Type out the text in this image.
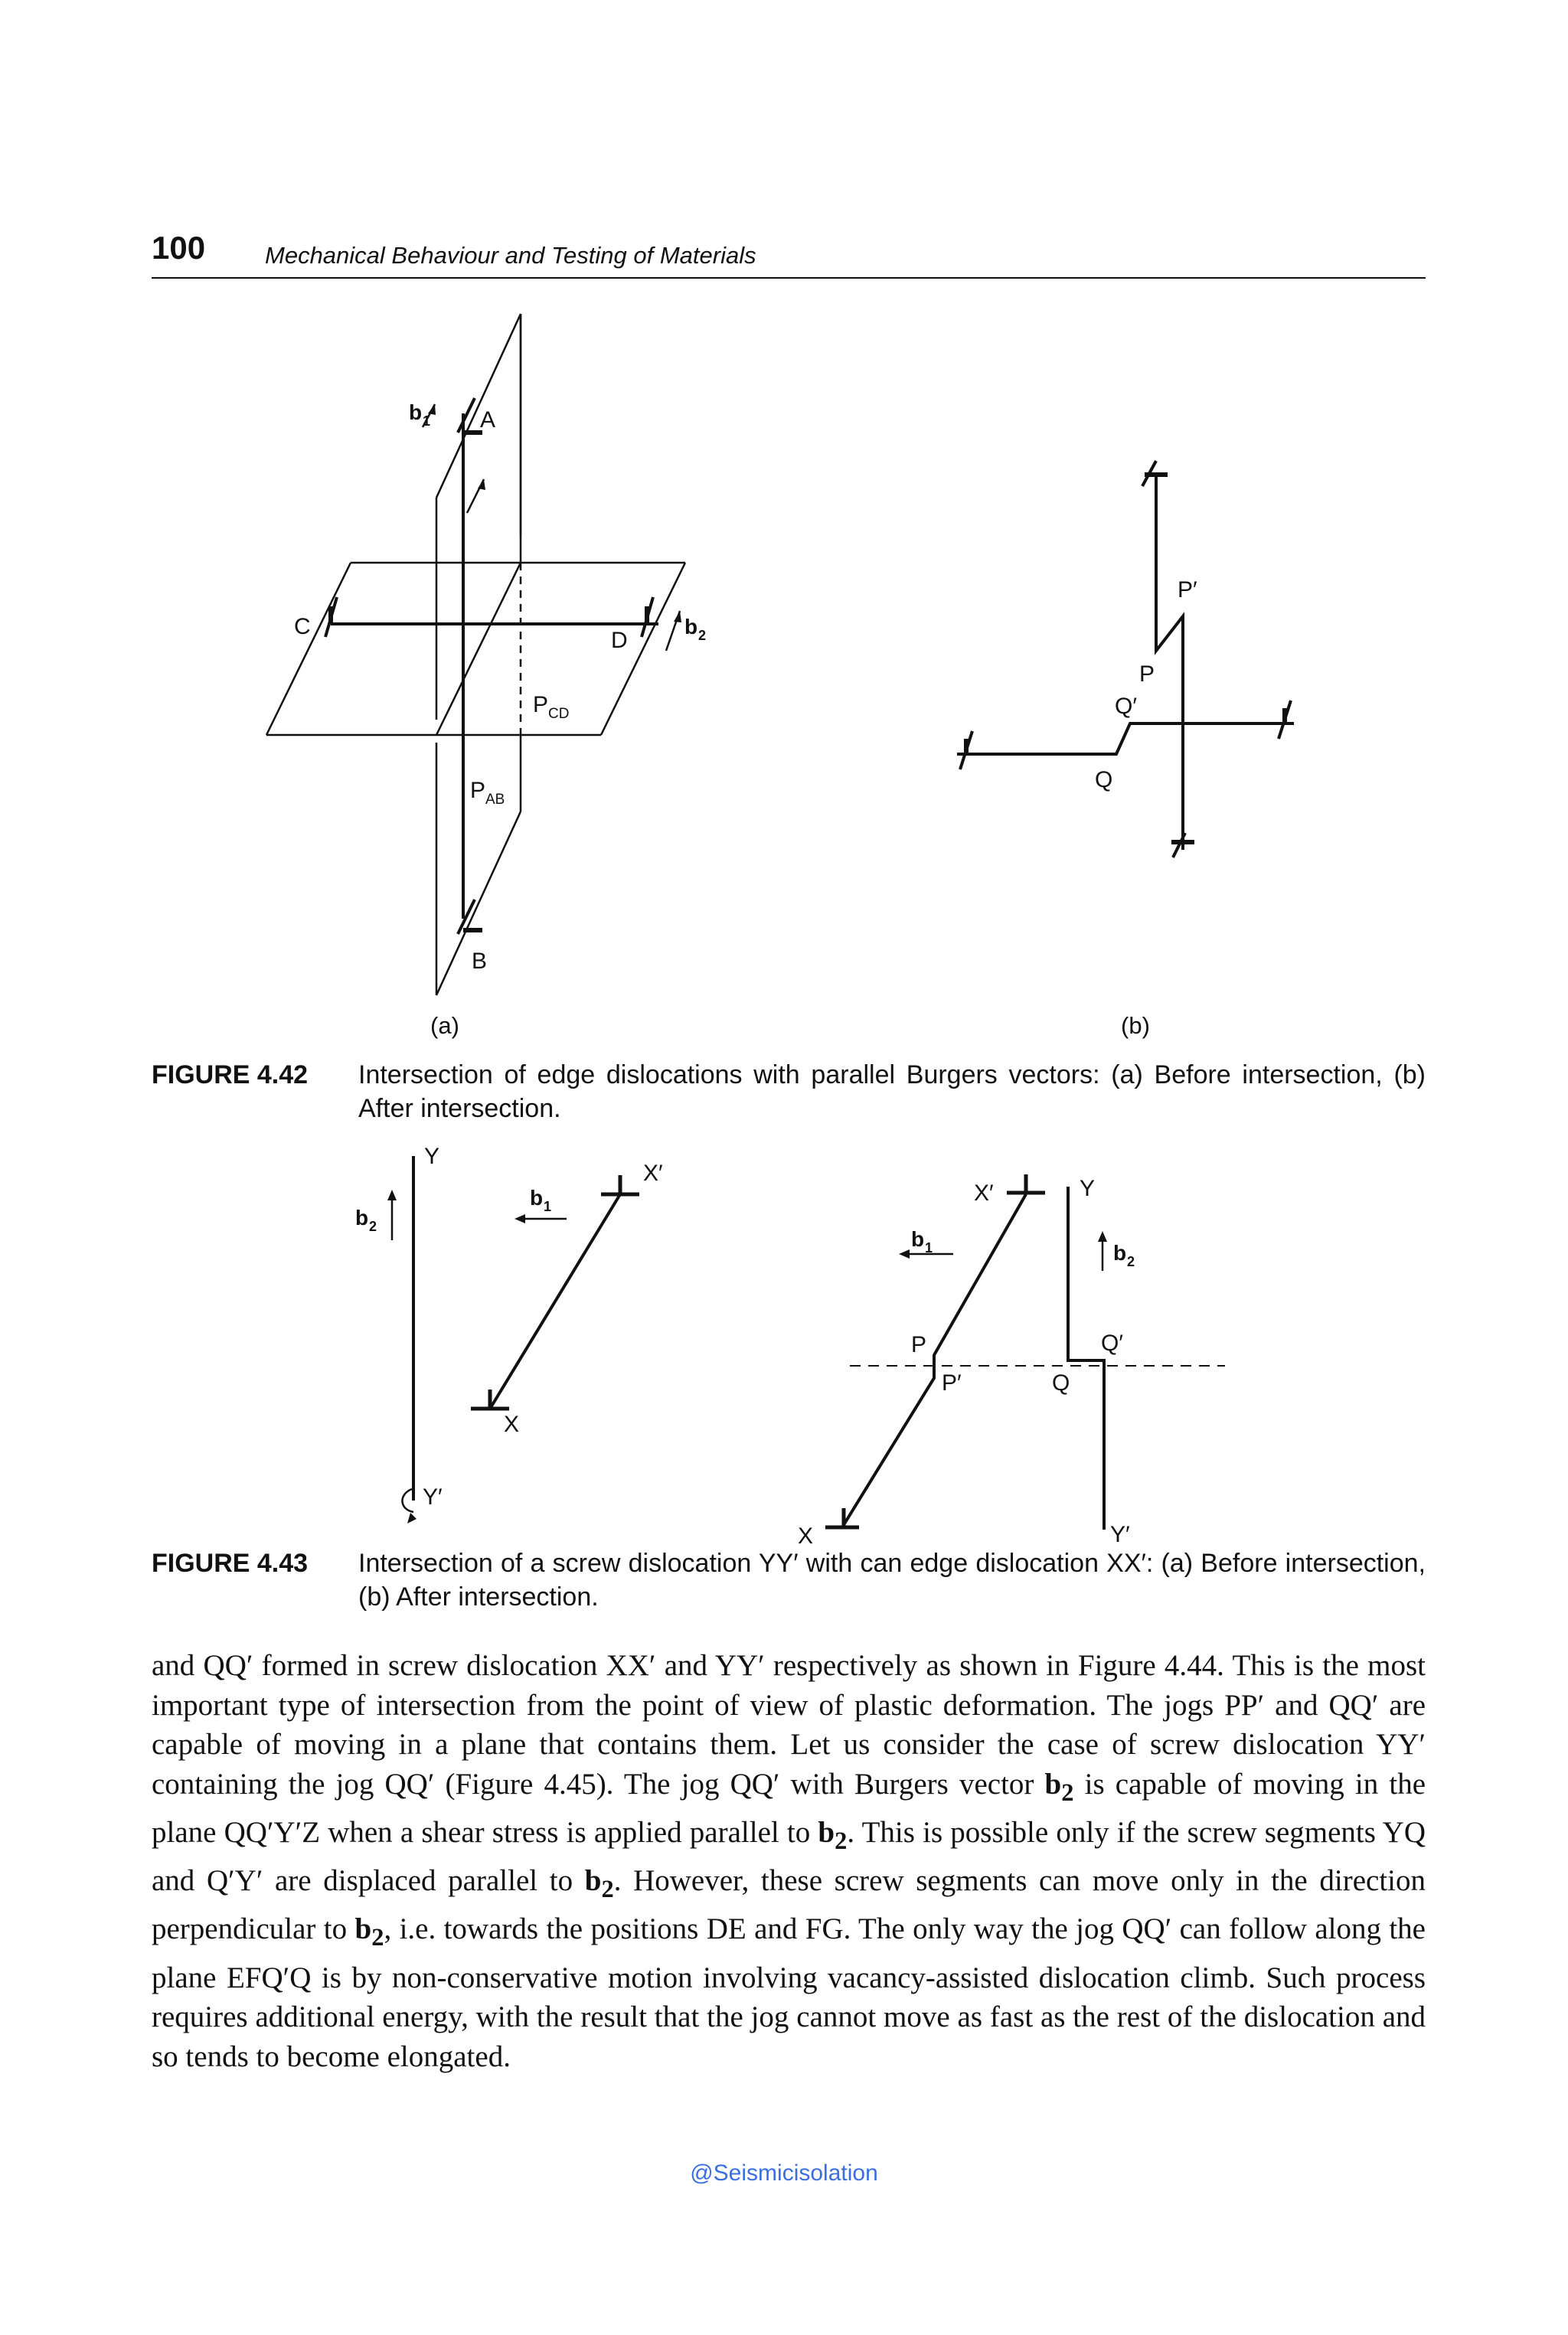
100	Mechanical Behaviour and Testing of Materials
A
B
C
D
b 1
b 2
P CD
P AB
(a)
P′
P
Q′
Q
(b)
FIGURE 4.42 Intersection of edge dislocations with parallel Burgers vectors: (a) Before intersection, (b) After intersection.
Y
Y′
X′
X
b 2
b 1
X′	Y
P
P′	Q
Q′
X	Y′
b 1	b 2
FIGURE 4.43 Intersection of a screw dislocation YY′ with can edge dislocation XX′: (a) Before intersection, (b) After intersection.
and QQ′ formed in screw dislocation XX′ and YY′ respectively as shown in Figure 4.44. This is the most important type of intersection from the point of view of plastic deformation. The jogs PP′ and QQ′ are capable of moving in a plane that contains them. Let us consider the case of screw dislocation YY′ containing the jog QQ′ (Figure 4.45). The jog QQ′ with Burgers vector $b_2$ is capable of moving in the plane QQ′Y′Z when a shear stress is applied parallel to $b_2$. This is possible only if the screw segments YQ and Q′Y′ are displaced parallel to $b_2$. However, these screw segments can move only in the direction perpendicular to $b_2$, i.e. towards the positions DE and FG. The only way the jog QQ′ can follow along the plane EFQ′Q is by non-conservative motion involving vacancy-assisted dislocation climb. Such process requires additional energy, with the result that the jog cannot move as fast as the rest of the dislocation and so tends to become elongated.
@Seismicisolation
